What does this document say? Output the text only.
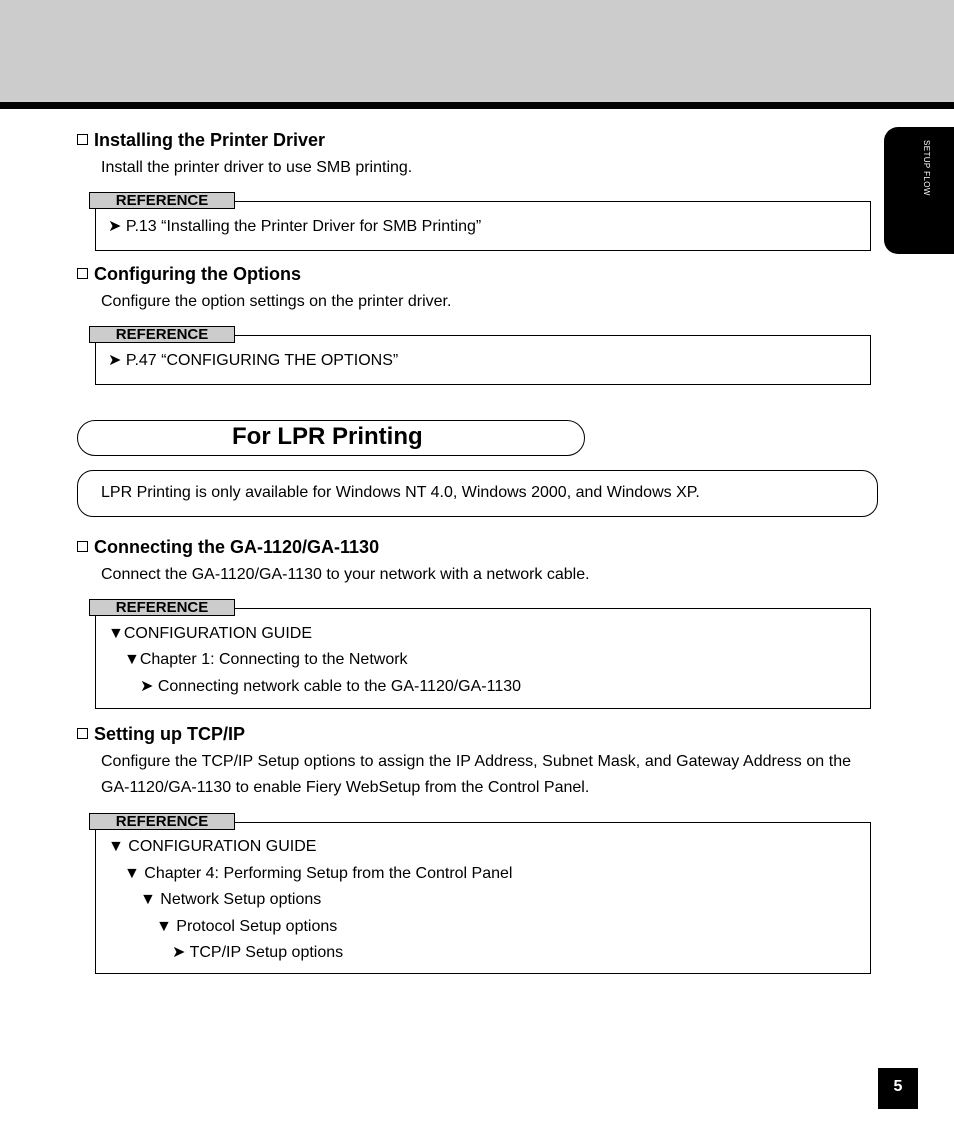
SETUP FLOW
Installing the Printer Driver
Install the printer driver to use SMB printing.
REFERENCE
➤ P.13 “Installing the Printer Driver for SMB Printing”
Configuring the Options
Configure the option settings on the printer driver.
REFERENCE
➤ P.47 “CONFIGURING THE OPTIONS”
For LPR Printing
LPR Printing is only available for Windows NT 4.0, Windows 2000, and Windows XP.
Connecting the GA-1120/GA-1130
Connect the GA-1120/GA-1130 to your network with a network cable.
REFERENCE
▼CONFIGURATION GUIDE
▼Chapter 1: Connecting to the Network
➤ Connecting network cable to the GA-1120/GA-1130
Setting up TCP/IP
Configure the TCP/IP Setup options to assign the IP Address, Subnet Mask, and Gateway Address on the GA-1120/GA-1130 to enable Fiery WebSetup from the Control Panel.
REFERENCE
▼ CONFIGURATION GUIDE
▼ Chapter 4: Performing Setup from the Control Panel
▼ Network Setup options
▼ Protocol Setup options
➤ TCP/IP Setup options
5
